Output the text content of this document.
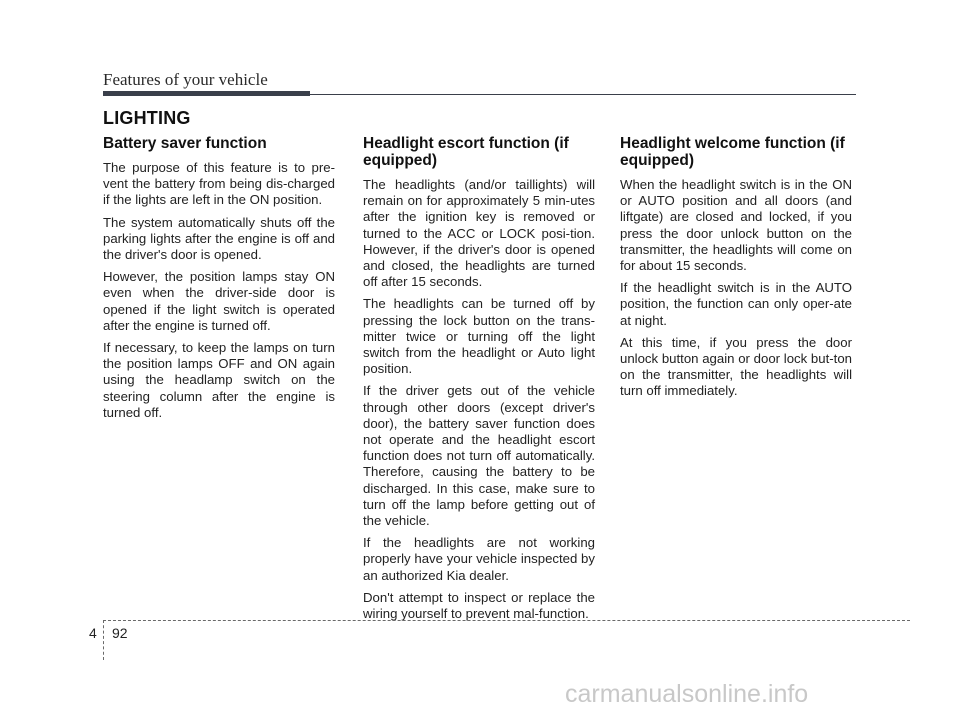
Features of your vehicle
LIGHTING
Battery saver function

The purpose of this feature is to pre-vent the battery from being dis-charged if the lights are left in the ON position.

The system automatically shuts off the parking lights after the engine is off and the driver's door is opened.

However, the position lamps stay ON even when the driver-side door is opened if the light switch is operated after the engine is turned off.

If necessary, to keep the lamps on turn the position lamps OFF and ON again using the headlamp switch on the steering column after the engine is turned off.

Headlight escort function (if equipped)

The headlights (and/or taillights) will remain on for approximately 5 min-utes after the ignition key is removed or turned to the ACC or LOCK posi-tion. However, if the driver's door is opened and closed, the headlights are turned off after 15 seconds.

The headlights can be turned off by pressing the lock button on the trans-mitter twice or turning off the light switch from the headlight or Auto light position.

If the driver gets out of the vehicle through other doors (except driver's door), the battery saver function does not operate and the headlight escort function does not turn off automatically. Therefore, causing the battery to be discharged. In this case, make sure to turn off the lamp before getting out of the vehicle.

If the headlights are not working properly have your vehicle inspected by an authorized Kia dealer.

Don't attempt to inspect or replace the wiring yourself to prevent mal-function.

Headlight welcome function (if equipped)

When the headlight switch is in the ON or AUTO position and all doors (and liftgate) are closed and locked, if you press the door unlock button on the transmitter, the headlights will come on for about 15 seconds.

If the headlight switch is in the AUTO position, the function can only oper-ate at night.

At this time, if you press the door unlock button again or door lock but-ton on the transmitter, the headlights will turn off immediately.

4 92
carmanualsonline.info
